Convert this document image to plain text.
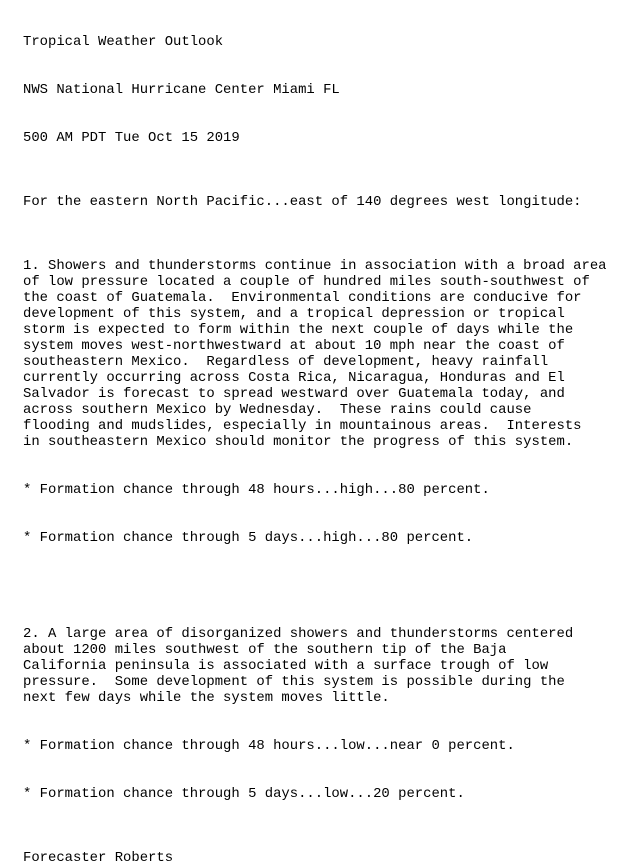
Tropical Weather Outlook

NWS National Hurricane Center Miami FL

500 AM PDT Tue Oct 15 2019

For the eastern North Pacific...east of 140 degrees west longitude:

1. Showers and thunderstorms continue in association with a broad area
of low pressure located a couple of hundred miles south-southwest of
the coast of Guatemala.  Environmental conditions are conducive for
development of this system, and a tropical depression or tropical
storm is expected to form within the next couple of days while the
system moves west-northwestward at about 10 mph near the coast of
southeastern Mexico.  Regardless of development, heavy rainfall
currently occurring across Costa Rica, Nicaragua, Honduras and El
Salvador is forecast to spread westward over Guatemala today, and
across southern Mexico by Wednesday.  These rains could cause
flooding and mudslides, especially in mountainous areas.  Interests
in southeastern Mexico should monitor the progress of this system.

* Formation chance through 48 hours...high...80 percent.

* Formation chance through 5 days...high...80 percent.

2. A large area of disorganized showers and thunderstorms centered
about 1200 miles southwest of the southern tip of the Baja
California peninsula is associated with a surface trough of low
pressure.  Some development of this system is possible during the
next few days while the system moves little.

* Formation chance through 48 hours...low...near 0 percent.

* Formation chance through 5 days...low...20 percent.

Forecaster Roberts
